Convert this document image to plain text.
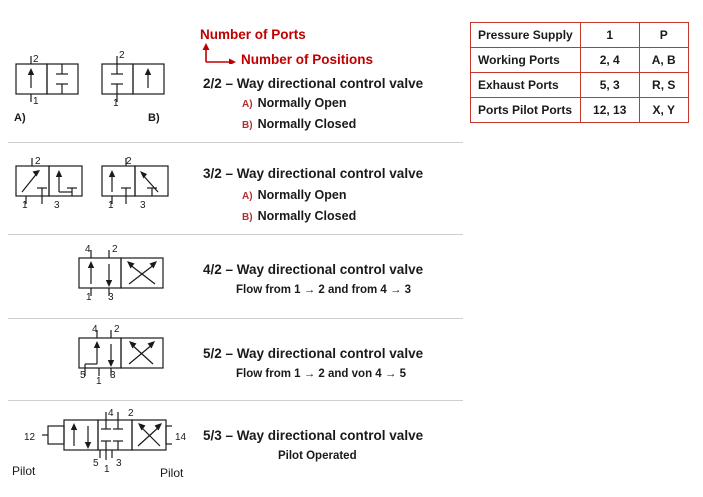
Number of Ports
Number of Positions
Pressure Supply	1	P
Working Ports	2, 4	A, B
Exhaust Ports	5, 3	R, S
Ports Pilot Ports	12, 13	X, Y
2
1
A)
2
1
B)
2/2 – Way directional control valve
A) Normally Open
B) Normally Closed
2
1	3
2
1	3
3/2 – Way directional control valve
A) Normally Open
B) Normally Closed
4 2
1 3
4/2 – Way directional control valve
Flow from 1 → 2 and from 4 → 3
4 2
5
1
3
5/2 – Way directional control valve
Flow from 1 → 2 and von 4 → 5
4 2
5
1
3
12	14
Pilot	Pilot
5/3 – Way directional control valve
Pilot Operated
